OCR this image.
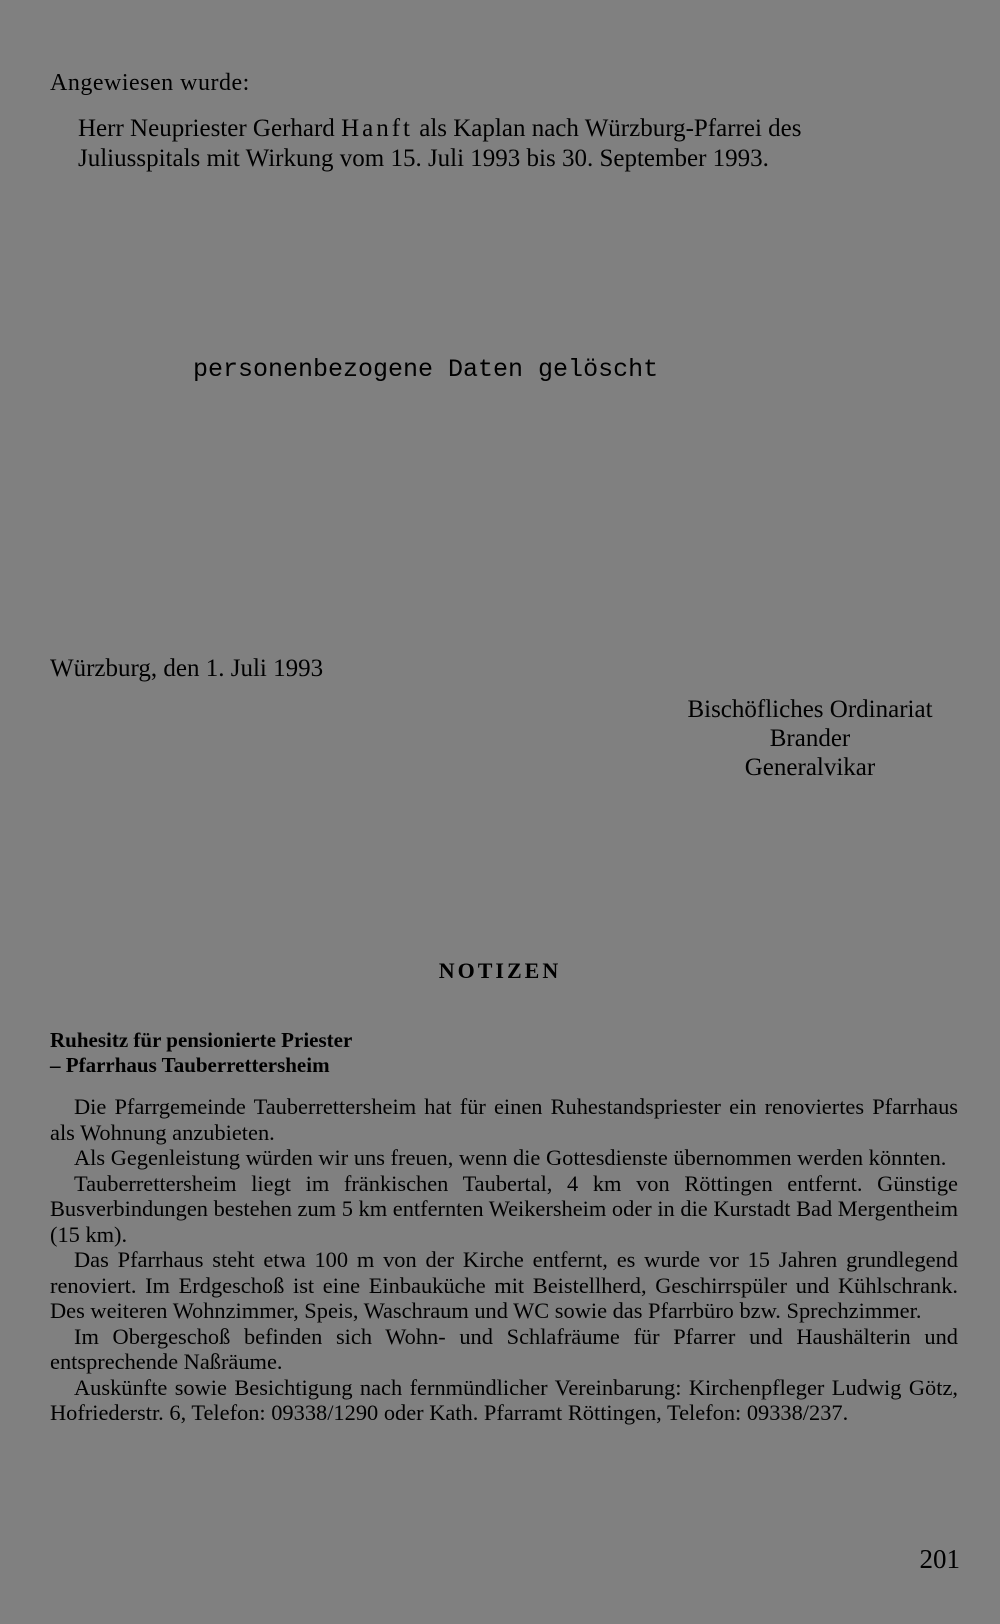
Angewiesen wurde:

Herr Neupriester Gerhard Hanft als Kaplan nach Würzburg-Pfarrei des
Juliusspitals mit Wirkung vom 15. Juli 1993 bis 30. September 1993.

personenbezogene Daten gelöscht

Würzburg, den 1. Juli 1993

Bischöfliches Ordinariat
Brander
Generalvikar

NOTIZEN

Ruhesitz für pensionierte Priester
– Pfarrhaus Tauberrettersheim

Die Pfarrgemeinde Tauberrettersheim hat für einen Ruhestandspriester ein renoviertes Pfarrhaus als Wohnung anzubieten.

Als Gegenleistung würden wir uns freuen, wenn die Gottesdienste übernommen werden könnten.

Tauberrettersheim liegt im fränkischen Taubertal, 4 km von Röttingen entfernt. Günstige Busverbindungen bestehen zum 5 km entfernten Weikersheim oder in die Kurstadt Bad Mergentheim (15 km).

Das Pfarrhaus steht etwa 100 m von der Kirche entfernt, es wurde vor 15 Jahren grundlegend renoviert. Im Erdgeschoß ist eine Einbauküche mit Beistellherd, Geschirrspüler und Kühlschrank. Des weiteren Wohnzimmer, Speis, Waschraum und WC sowie das Pfarrbüro bzw. Sprechzimmer.

Im Obergeschoß befinden sich Wohn- und Schlafräume für Pfarrer und Haushälterin und entsprechende Naßräume.

Auskünfte sowie Besichtigung nach fernmündlicher Vereinbarung: Kirchenpfleger Ludwig Götz, Hofriederstr. 6, Telefon: 09338/1290 oder Kath. Pfarramt Röttingen, Telefon: 09338/237.

201
